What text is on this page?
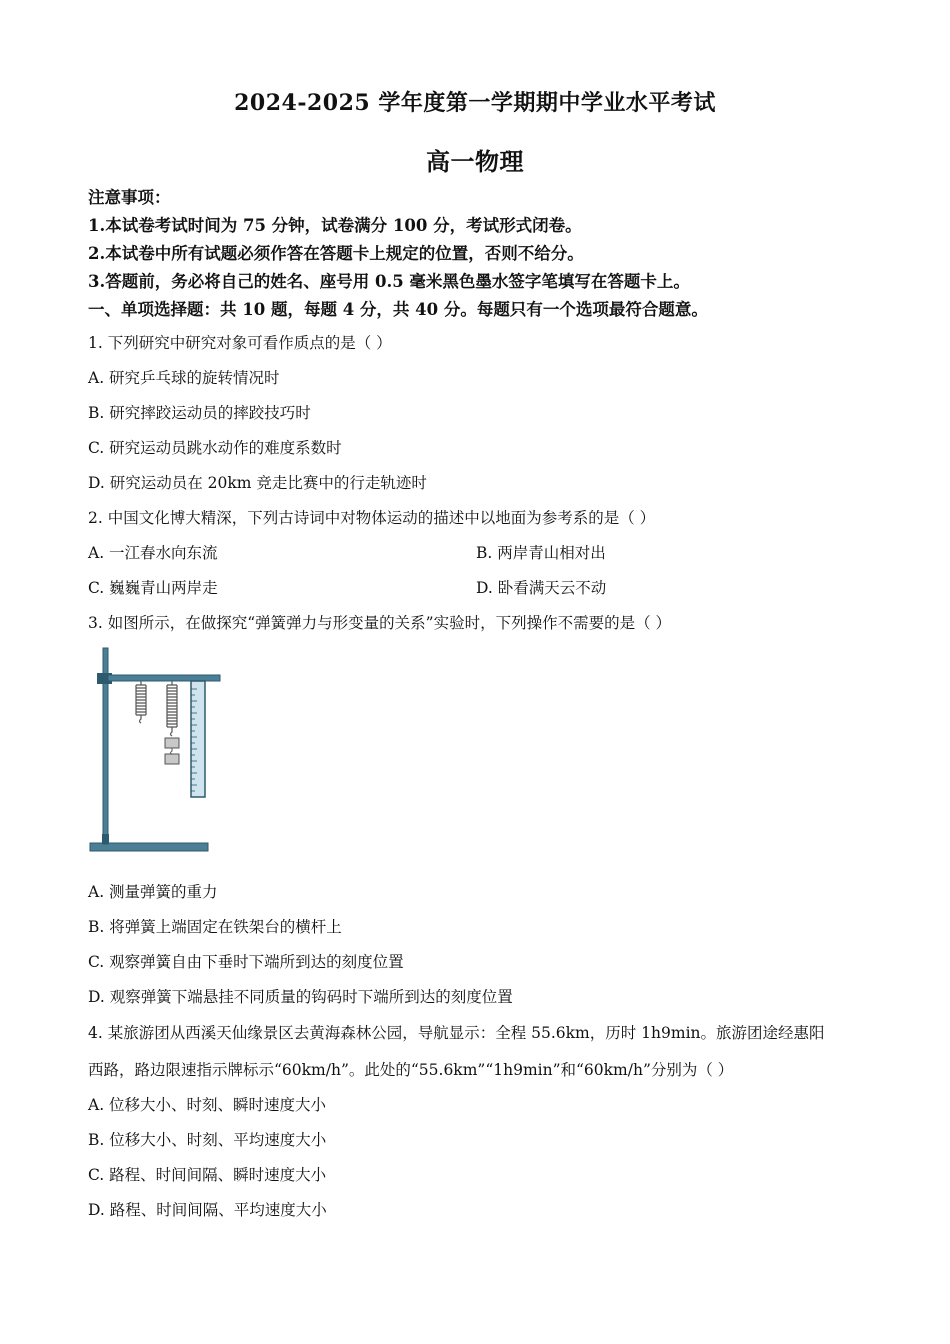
2024-2025 学年度第一学期期中学业水平考试
高一物理
注意事项：
1.本试卷考试时间为 75 分钟，试卷满分 100 分，考试形式闭卷。
2.本试卷中所有试题必须作答在答题卡上规定的位置，否则不给分。
3.答题前，务必将自己的姓名、座号用 0.5 毫米黑色墨水签字笔填写在答题卡上。
一、单项选择题：共 10 题，每题 4 分，共 40 分。每题只有一个选项最符合题意。
1. 下列研究中研究对象可看作质点的是（ ）
A. 研究乒乓球的旋转情况时
B. 研究摔跤运动员的摔跤技巧时
C. 研究运动员跳水动作的难度系数时
D. 研究运动员在 20km 竞走比赛中的行走轨迹时
2. 中国文化博大精深，下列古诗词中对物体运动的描述中以地面为参考系的是（ ）
A. 一江春水向东流	B. 两岸青山相对出
C. 巍巍青山两岸走	D. 卧看满天云不动
3. 如图所示，在做探究“弹簧弹力与形变量的关系”实验时，下列操作不需要的是（ ）
A. 测量弹簧的重力
B. 将弹簧上端固定在铁架台的横杆上
C. 观察弹簧自由下垂时下端所到达的刻度位置
D. 观察弹簧下端悬挂不同质量的钩码时下端所到达的刻度位置
4. 某旅游团从西溪天仙缘景区去黄海森林公园，导航显示：全程 55.6km，历时 1h9min。旅游团途经惠阳
西路，路边限速指示牌标示“60km/h”。此处的“55.6km”“1h9min”和“60km/h”分别为（ ）
A. 位移大小、时刻、瞬时速度大小
B. 位移大小、时刻、平均速度大小
C. 路程、时间间隔、瞬时速度大小
D. 路程、时间间隔、平均速度大小
